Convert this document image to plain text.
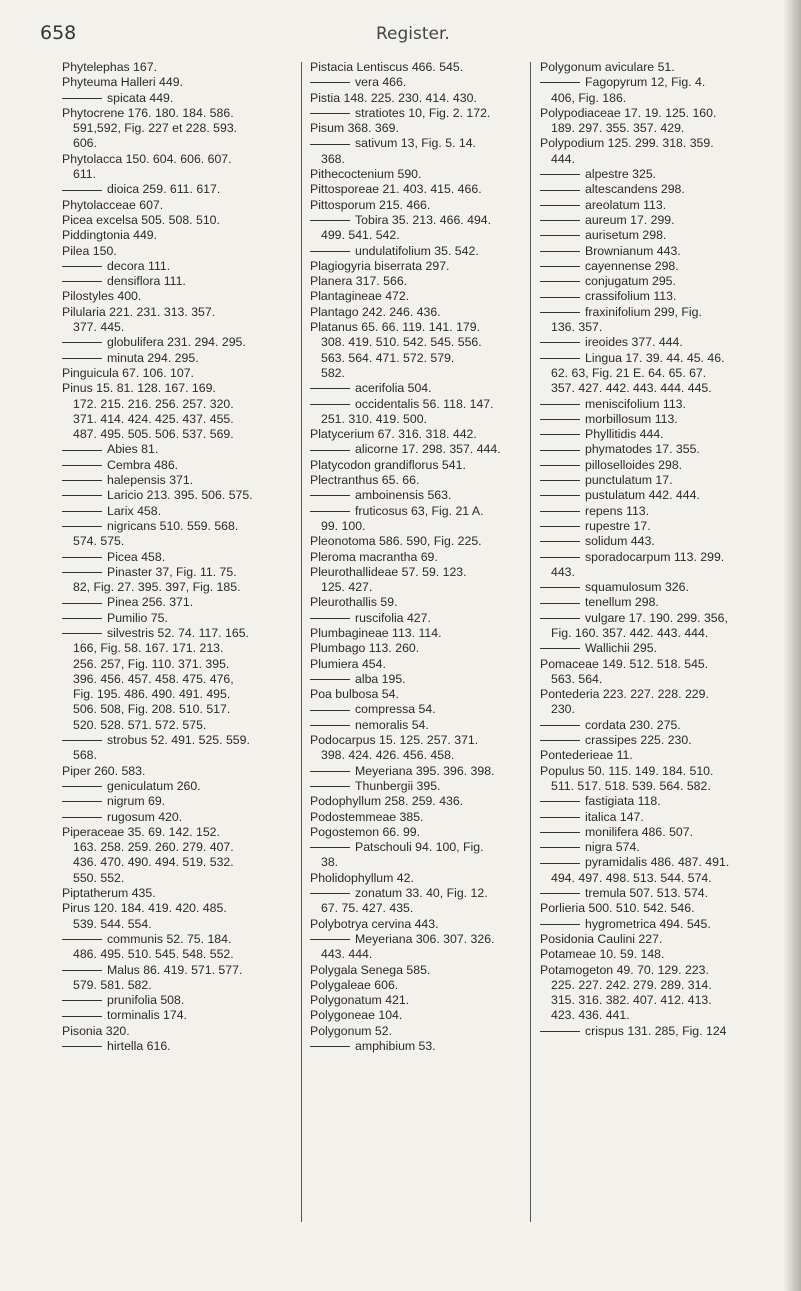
658	Register.
Phytelephas 167.
Phyteuma Halleri 449.
spicata 449.
Phytocrene 176. 180. 184. 586.
591,592, Fig. 227 et 228. 593.
606.
Phytolacca 150. 604. 606. 607.
611.
dioica 259. 611. 617.
Phytolacceae 607.
Picea excelsa 505. 508. 510.
Piddingtonia 449.
Pilea 150.
decora 111.
densiflora 111.
Pilostyles 400.
Pilularia 221. 231. 313. 357.
377. 445.
globulifera 231. 294. 295.
minuta 294. 295.
Pinguicula 67. 106. 107.
Pinus 15. 81. 128. 167. 169.
172. 215. 216. 256. 257. 320.
371. 414. 424. 425. 437. 455.
487. 495. 505. 506. 537. 569.
Abies 81.
Cembra 486.
halepensis 371.
Laricio 213. 395. 506. 575.
Larix 458.
nigricans 510. 559. 568.
574. 575.
Picea 458.
Pinaster 37, Fig. 11. 75.
82, Fig. 27. 395. 397, Fig. 185.
Pinea 256. 371.
Pumilio 75.
silvestris 52. 74. 117. 165.
166, Fig. 58. 167. 171. 213.
256. 257, Fig. 110. 371. 395.
396. 456. 457. 458. 475. 476,
Fig. 195. 486. 490. 491. 495.
506. 508, Fig. 208. 510. 517.
520. 528. 571. 572. 575.
strobus 52. 491. 525. 559.
568.
Piper 260. 583.
geniculatum 260.
nigrum 69.
rugosum 420.
Piperaceae 35. 69. 142. 152.
163. 258. 259. 260. 279. 407.
436. 470. 490. 494. 519. 532.
550. 552.
Piptatherum 435.
Pirus 120. 184. 419. 420. 485.
539. 544. 554.
communis 52. 75. 184.
486. 495. 510. 545. 548. 552.
Malus 86. 419. 571. 577.
579. 581. 582.
prunifolia 508.
torminalis 174.
Pisonia 320.
hirtella 616.
Pistacia Lentiscus 466. 545.
vera 466.
Pistia 148. 225. 230. 414. 430.
stratiotes 10, Fig. 2. 172.
Pisum 368. 369.
sativum 13, Fig. 5. 14.
368.
Pithecoctenium 590.
Pittosporeae 21. 403. 415. 466.
Pittosporum 215. 466.
Tobira 35. 213. 466. 494.
499. 541. 542.
undulatifolium 35. 542.
Plagiogyria biserrata 297.
Planera 317. 566.
Plantagineae 472.
Plantago 242. 246. 436.
Platanus 65. 66. 119. 141. 179.
308. 419. 510. 542. 545. 556.
563. 564. 471. 572. 579.
582.
acerifolia 504.
occidentalis 56. 118. 147.
251. 310. 419. 500.
Platycerium 67. 316. 318. 442.
alicorne 17. 298. 357. 444.
Platycodon grandiflorus 541.
Plectranthus 65. 66.
amboinensis 563.
fruticosus 63, Fig. 21 A.
99. 100.
Pleonotoma 586. 590, Fig. 225.
Pleroma macrantha 69.
Pleurothallideae 57. 59. 123.
125. 427.
Pleurothallis 59.
ruscifolia 427.
Plumbagineae 113. 114.
Plumbago 113. 260.
Plumiera 454.
alba 195.
Poa bulbosa 54.
compressa 54.
nemoralis 54.
Podocarpus 15. 125. 257. 371.
398. 424. 426. 456. 458.
Meyeriana 395. 396. 398.
Thunbergii 395.
Podophyllum 258. 259. 436.
Podostemmeae 385.
Pogostemon 66. 99.
Patschouli 94. 100, Fig.
38.
Pholidophyllum 42.
zonatum 33. 40, Fig. 12.
67. 75. 427. 435.
Polybotrya cervina 443.
Meyeriana 306. 307. 326.
443. 444.
Polygala Senega 585.
Polygaleae 606.
Polygonatum 421.
Polygoneae 104.
Polygonum 52.
amphibium 53.
Polygonum aviculare 51.
Fagopyrum 12, Fig. 4.
406, Fig. 186.
Polypodiaceae 17. 19. 125. 160.
189. 297. 355. 357. 429.
Polypodium 125. 299. 318. 359.
444.
alpestre 325.
altescandens 298.
areolatum 113.
aureum 17. 299.
aurisetum 298.
Brownianum 443.
cayennense 298.
conjugatum 295.
crassifolium 113.
fraxinifolium 299, Fig.
136. 357.
ireoides 377. 444.
Lingua 17. 39. 44. 45. 46.
62. 63, Fig. 21 E. 64. 65. 67.
357. 427. 442. 443. 444. 445.
meniscifolium 113.
morbillosum 113.
Phyllitidis 444.
phymatodes 17. 355.
pilloselloides 298.
punctulatum 17.
pustulatum 442. 444.
repens 113.
rupestre 17.
solidum 443.
sporadocarpum 113. 299.
443.
squamulosum 326.
tenellum 298.
vulgare 17. 190. 299. 356,
Fig. 160. 357. 442. 443. 444.
Wallichii 295.
Pomaceae 149. 512. 518. 545.
563. 564.
Pontederia 223. 227. 228. 229.
230.
cordata 230. 275.
crassipes 225. 230.
Pontederieae 11.
Populus 50. 115. 149. 184. 510.
511. 517. 518. 539. 564. 582.
fastigiata 118.
italica 147.
monilifera 486. 507.
nigra 574.
pyramidalis 486. 487. 491.
494. 497. 498. 513. 544. 574.
tremula 507. 513. 574.
Porlieria 500. 510. 542. 546.
hygrometrica 494. 545.
Posidonia Caulini 227.
Potameae 10. 59. 148.
Potamogeton 49. 70. 129. 223.
225. 227. 242. 279. 289. 314.
315. 316. 382. 407. 412. 413.
423. 436. 441.
crispus 131. 285, Fig. 124
